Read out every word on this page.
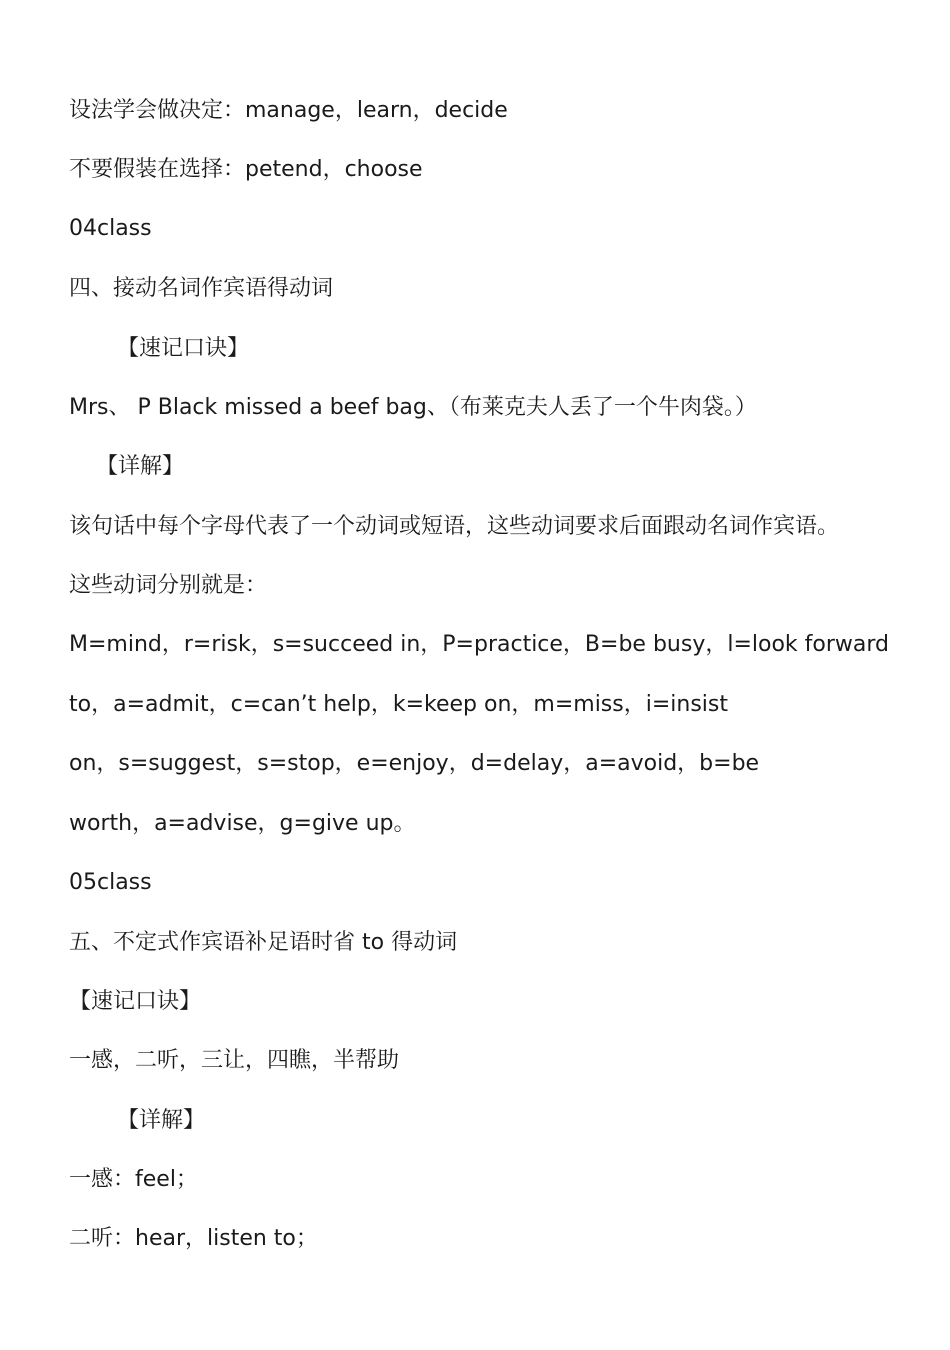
设法学会做决定：manage，learn，decide
不要假装在选择：petend，choose
04class
四、接动名词作宾语得动词
【速记口诀】
Mrs、 P Black missed a beef bag、（布莱克夫人丢了一个牛肉袋。）
【详解】
该句话中每个字母代表了一个动词或短语，这些动词要求后面跟动名词作宾语。
这些动词分别就是：
M=mind，r=risk，s=succeed in，P=practice，B=be busy，l=look forward
to，a=admit，c=can’t help，k=keep on，m=miss，i=insist
on，s=suggest，s=stop，e=enjoy，d=delay，a=avoid，b=be
worth，a=advise，g=give up。
05class
五、不定式作宾语补足语时省 to 得动词
【速记口诀】
一感，二听，三让，四瞧，半帮助
【详解】
一感：feel；
二听：hear，listen to；
